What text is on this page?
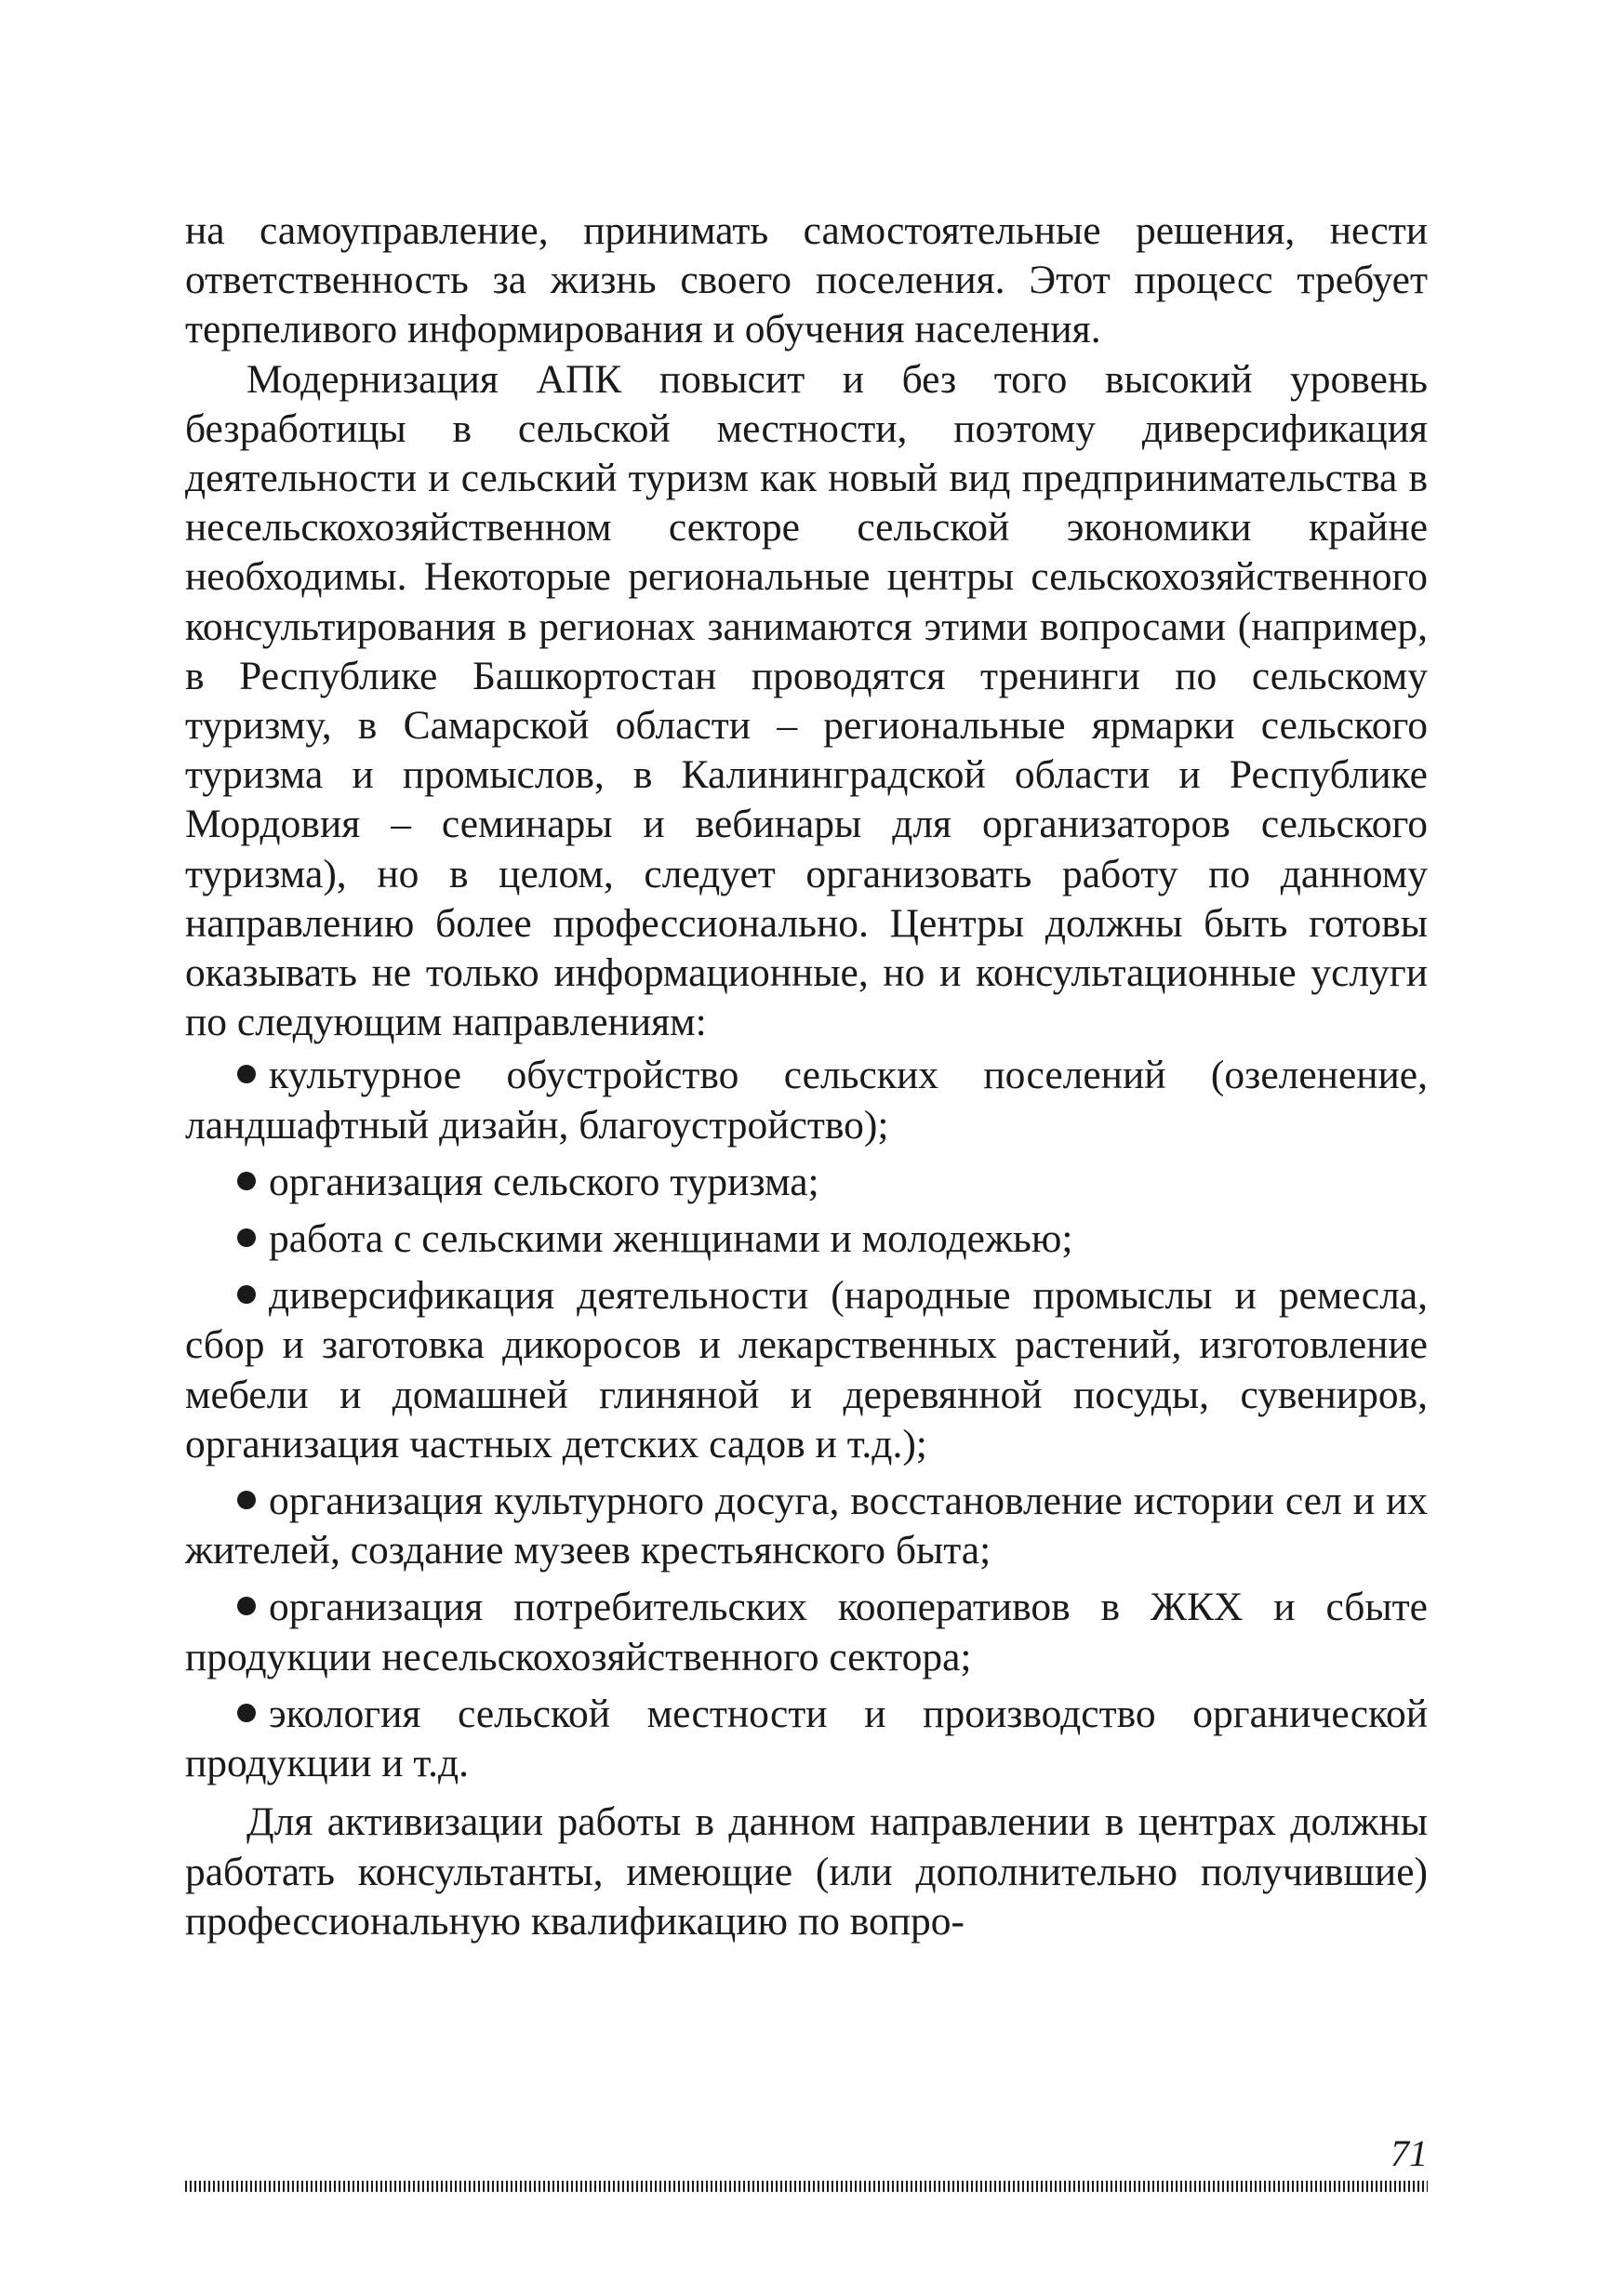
на самоуправление, принимать самостоятельные решения, нести ответственность за жизнь своего поселения. Этот процесс требует терпеливого информирования и обучения населения.

Модернизация АПК повысит и без того высокий уровень безработицы в сельской местности, поэтому диверсификация деятельности и сельский туризм как новый вид предпринимательства в несельскохозяйственном секторе сельской экономики крайне необходимы. Некоторые региональные центры сельскохозяйственного консультирования в регионах занимаются этими вопросами (например, в Республике Башкортостан проводятся тренинги по сельскому туризму, в Самарской области – региональные ярмарки сельского туризма и промыслов, в Калининградской области и Республике Мордовия – семинары и вебинары для организаторов сельского туризма), но в целом, следует организовать работу по данному направлению более профессионально. Центры должны быть готовы оказывать не только информационные, но и консультационные услуги по следующим направлениям:

культурное обустройство сельских поселений (озеленение, ландшафтный дизайн, благоустройство);
организация сельского туризма;
работа с сельскими женщинами и молодежью;
диверсификация деятельности (народные промыслы и ремесла, сбор и заготовка дикоросов и лекарственных растений, изготовление мебели и домашней глиняной и деревянной посуды, сувениров, организация частных детских садов и т.д.);
организация культурного досуга, восстановление истории сел и их жителей, создание музеев крестьянского быта;
организация потребительских кооперативов в ЖКХ и сбыте продукции несельскохозяйственного сектора;
экология сельской местности и производство органической продукции и т.д.

Для активизации работы в данном направлении в центрах должны работать консультанты, имеющие (или дополнительно получившие) профессиональную квалификацию по вопро-

71
